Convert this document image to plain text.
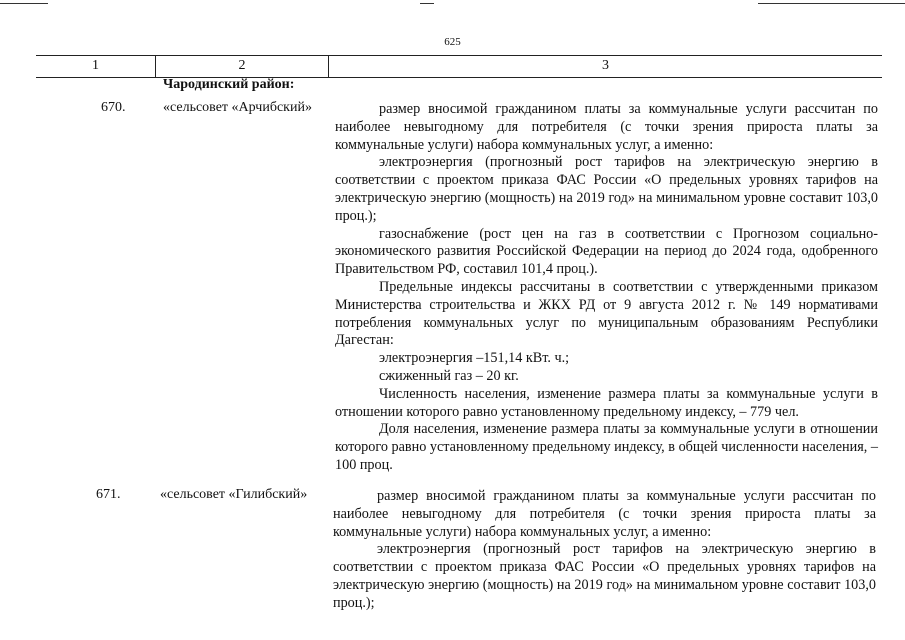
625
1	2	3
Чародинский район:
670.	«сельсовет «Арчибский»	размер вносимой гражданином платы за коммунальные услуги рассчитан по наиболее невыгодному для потребителя (с точки зрения прироста платы за коммунальные услуги) набора коммунальных услуг, а именно:

электроэнергия (прогнозный рост тарифов на электрическую энергию в соответствии с проектом приказа ФАС России «О предельных уровнях тарифов на электрическую энергию (мощность) на 2019 год» на минимальном уровне составит 103,0 проц.);

газоснабжение (рост цен на газ в соответствии с Прогнозом социально-экономического развития Российской Федерации на период до 2024 года, одобренного Правительством РФ, составил 101,4 проц.).

Предельные индексы рассчитаны в соответствии с утвержденными приказом Министерства строительства и ЖКХ РД от 9 августа 2012 г. № 149 нормативами потребления коммунальных услуг по муниципальным образованиям Республики Дагестан:

электроэнергия –151,14 кВт. ч.;

сжиженный газ – 20 кг.

Численность населения, изменение размера платы за коммунальные услуги в отношении которого равно установленному предельному индексу, – 779 чел.

Доля населения, изменение размера платы за коммунальные услуги в отношении которого равно установленному предельному индексу, в общей численности населения, – 100 проц.

671.	«сельсовет «Гилибский»	размер вносимой гражданином платы за коммунальные услуги рассчитан по наиболее невыгодному для потребителя (с точки зрения прироста платы за коммунальные услуги) набора коммунальных услуг, а именно:

электроэнергия (прогнозный рост тарифов на электрическую энергию в соответствии с проектом приказа ФАС России «О предельных уровнях тарифов на электрическую энергию (мощность) на 2019 год» на минимальном уровне составит 103,0 проц.);
